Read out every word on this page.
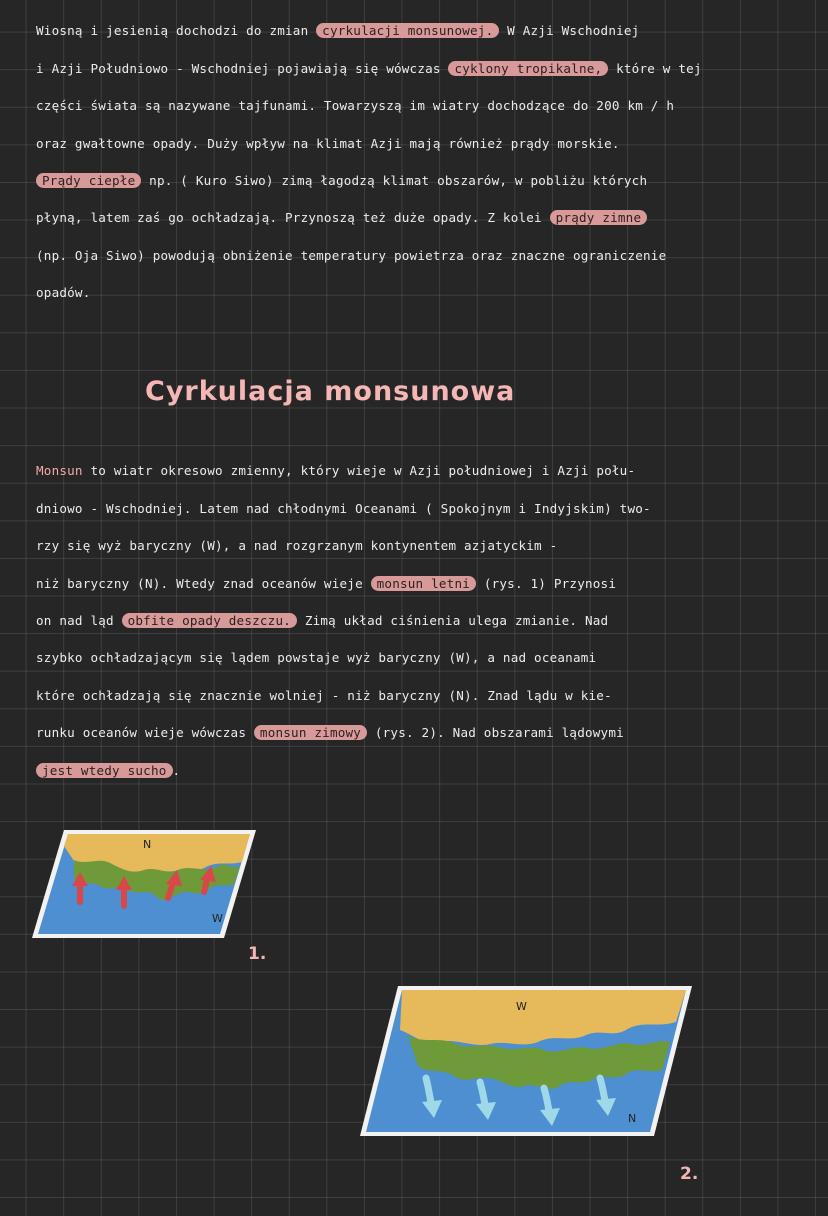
Wiosną i jesienią dochodzi do zmian cyrkulacji monsunowej. W Azji Wschodniej
i Azji Południowo - Wschodniej pojawiają się wówczas cyklony tropikalne, które w tej
części świata są nazywane tajfunami. Towarzyszą im wiatry dochodzące do 200 km / h
oraz gwałtowne opady. Duży wpływ na klimat Azji mają również prądy morskie.
Prądy ciepłe np. ( Kuro Siwo) zimą łagodzą klimat obszarów, w pobliżu których
płyną, latem zaś go ochładzają. Przynoszą też duże opady. Z kolei prądy zimne
(np. Oja Siwo) powodują obniżenie temperatury powietrza oraz znaczne ograniczenie
opadów.
Cyrkulacja monsunowa
Monsun to wiatr okresowo zmienny, który wieje w Azji południowej i Azji połu-
dniowo - Wschodniej. Latem nad chłodnymi Oceanami ( Spokojnym i Indyjskim) two-
rzy się wyż baryczny (W), a nad rozgrzanym kontynentem azjatyckim -
niż baryczny (N). Wtedy znad oceanów wieje monsun letni (rys. 1) Przynosi
on nad ląd obfite opady deszczu. Zimą układ ciśnienia ulega zmianie. Nad
szybko ochładzającym się lądem powstaje wyż baryczny (W), a nad oceanami
które ochładzają się znacznie wolniej - niż baryczny (N). Znad lądu w kie-
runku oceanów wieje wówczas monsun zimowy (rys. 2). Nad obszarami lądowymi
jest wtedy sucho .
N
W
1.
W
N
2.
